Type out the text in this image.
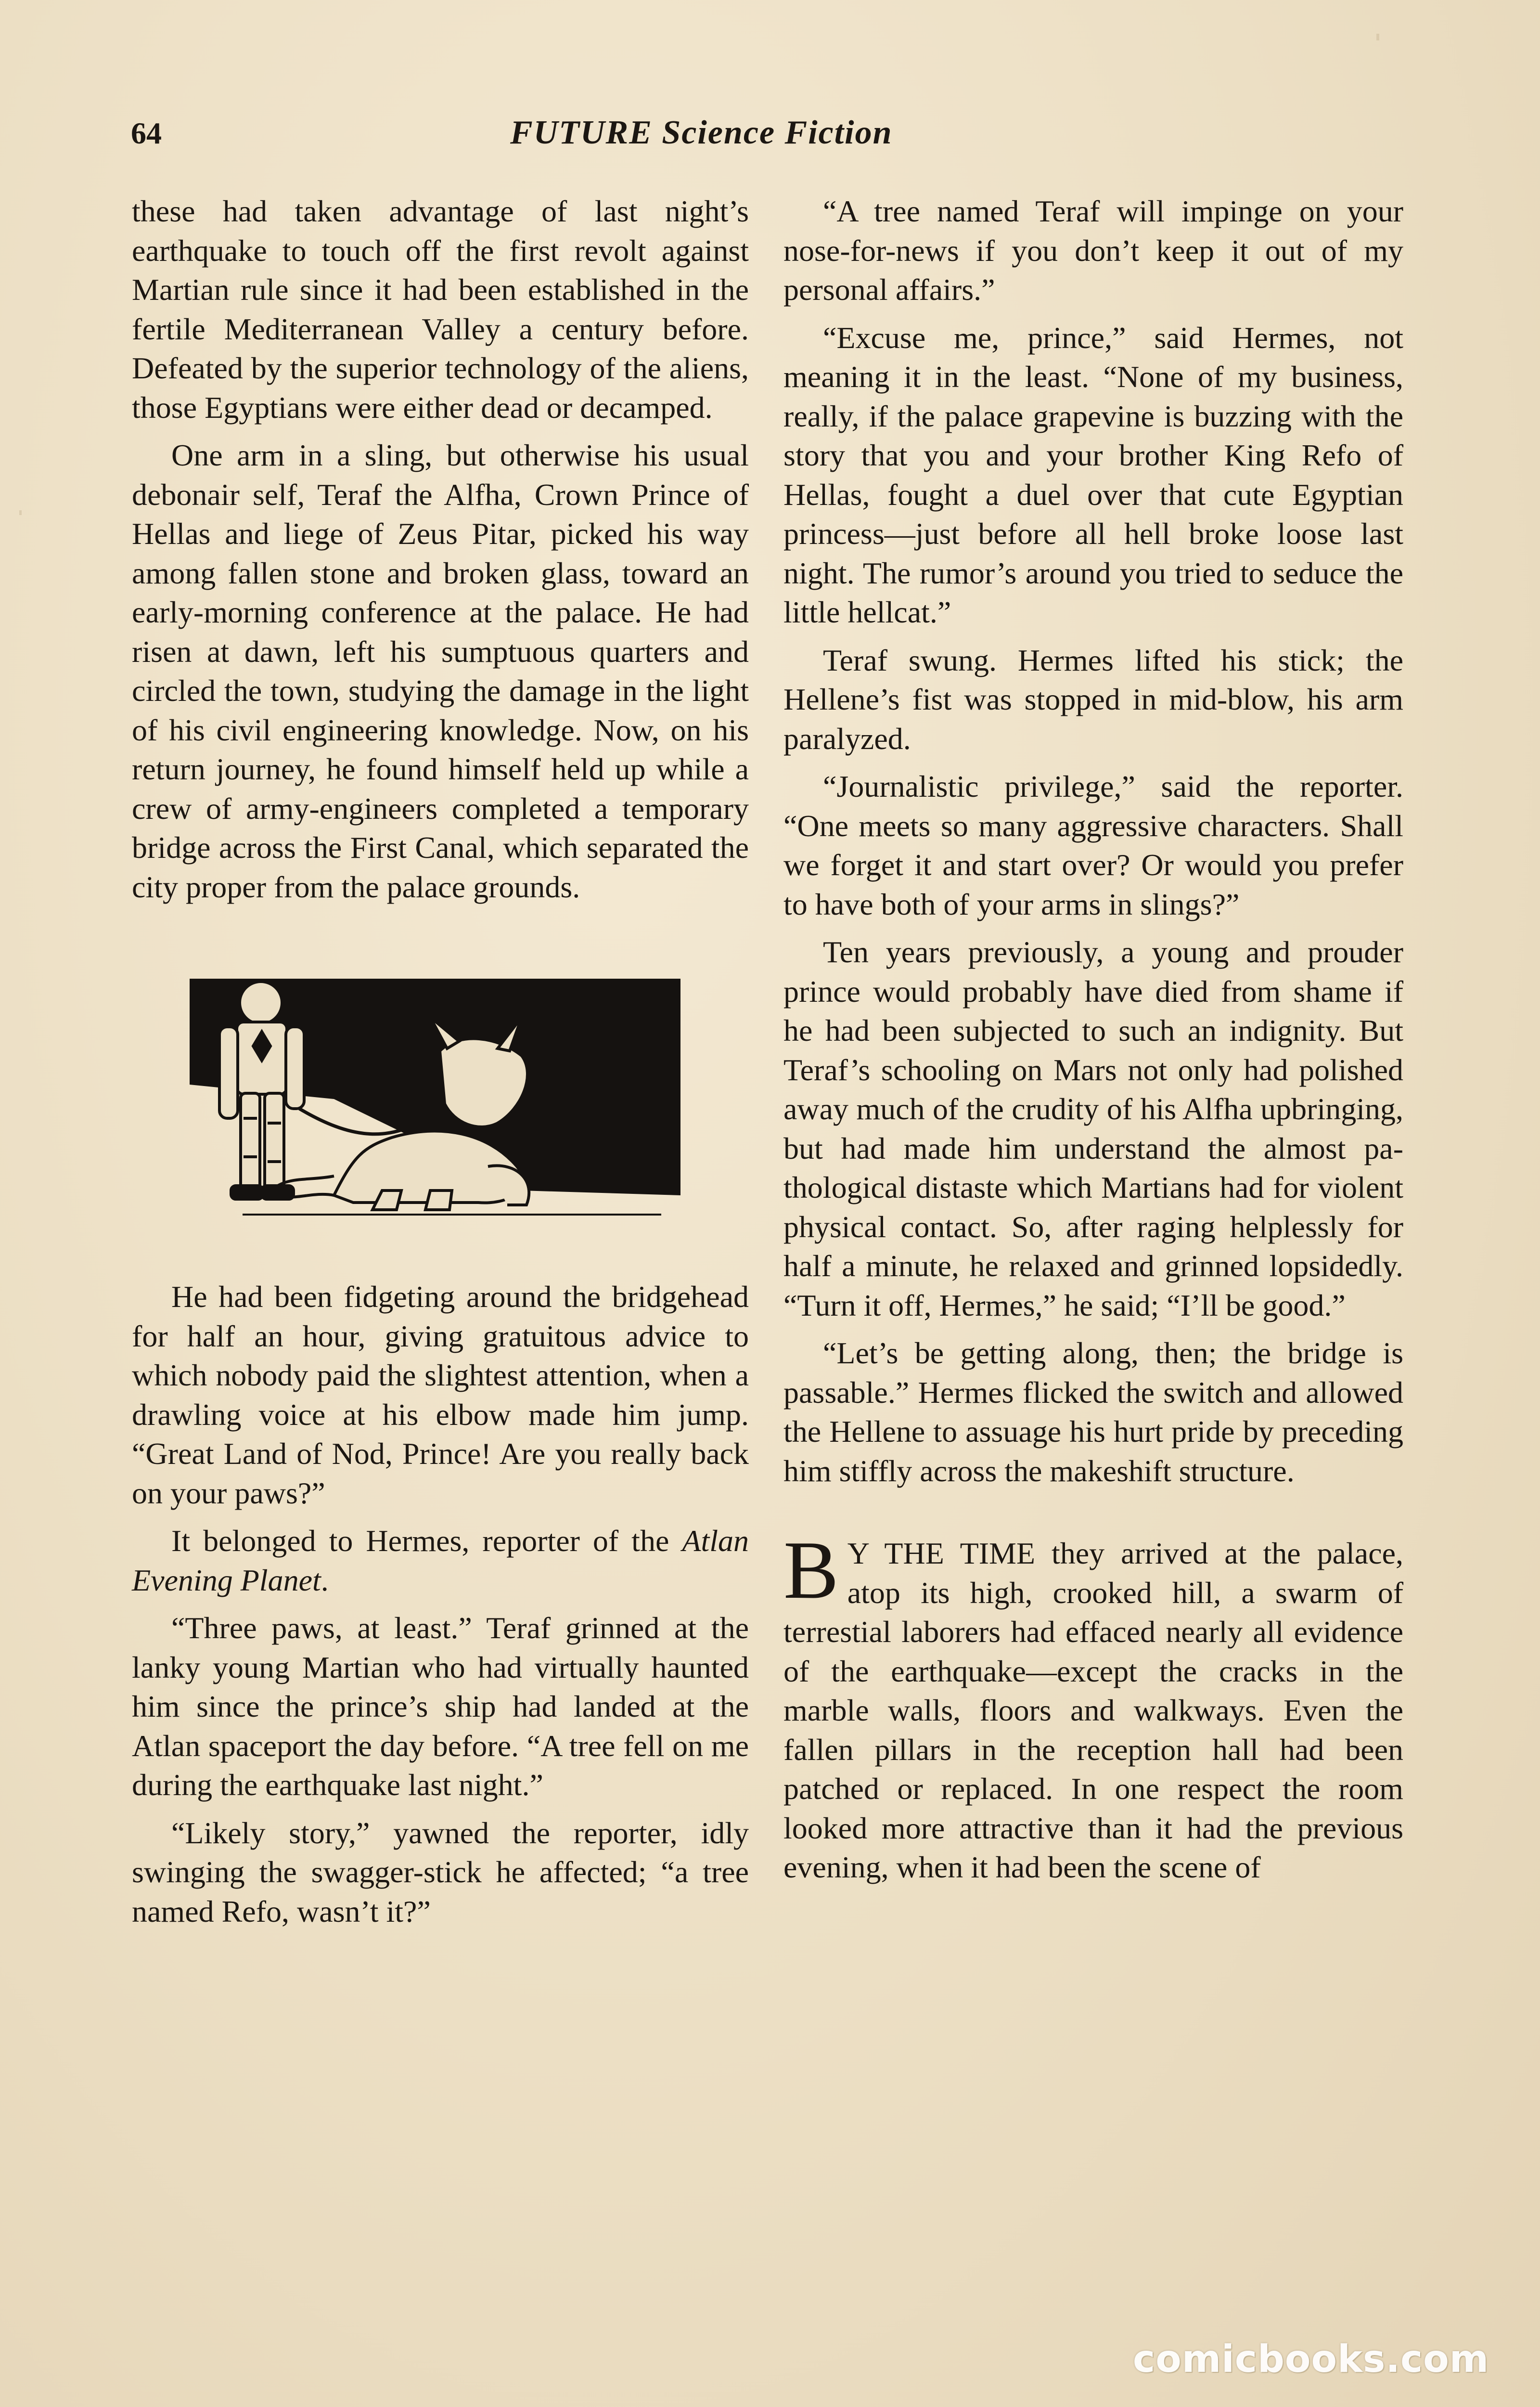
64	FUTURE Science Fiction

these had taken advantage of last night’s earthquake to touch off the first revolt against Martian rule since it had been established in the fertile Mediterranean Valley a century before. Defeated by the superior technology of the aliens, those Egyptians were either dead or decamped.

One arm in a sling, but otherwise his usual debonair self, Teraf the Alfha, Crown Prince of Hellas and liege of Zeus Pitar, picked his way among fallen stone and broken glass, toward an early-morning conference at the palace. He had risen at dawn, left his sumptuous quarters and circled the town, studying the damage in the light of his civil engineering knowledge. Now, on his return journey, he found himself held up while a crew of army-engineers completed a temporary bridge across the First Canal, which separated the city proper from the palace grounds.

He had been fidgeting around the bridgehead for half an hour, giving gratuitous advice to which nobody paid the slightest attention, when a drawling voice at his elbow made him jump. “Great Land of Nod, Prince! Are you really back on your paws?”

It belonged to Hermes, reporter of the Atlan Evening Planet.

“Three paws, at least.” Teraf grinned at the lanky young Martian who had virtually haunted him since the prince’s ship had landed at the Atlan spaceport the day before. “A tree fell on me during the earthquake last night.”

“Likely story,” yawned the reporter, idly swinging the swagger-stick he affected; “a tree named Refo, wasn’t it?”

“A tree named Teraf will impinge on your nose-for-news if you don’t keep it out of my personal affairs.”

“Excuse me, prince,” said Hermes, not meaning it in the least. “None of my business, really, if the palace grapevine is buzzing with the story that you and your brother King Refo of Hellas, fought a duel over that cute Egyptian princess—just before all hell broke loose last night. The rumor’s around you tried to seduce the little hellcat.”

Teraf swung. Hermes lifted his stick; the Hellene’s fist was stopped in mid-blow, his arm paralyzed.

“Journalistic privilege,” said the reporter. “One meets so many aggressive characters. Shall we forget it and start over? Or would you prefer to have both of your arms in slings?”

Ten years previously, a young and prouder prince would probably have died from shame if he had been subjected to such an indignity. But Teraf’s schooling on Mars not only had polished away much of the crudity of his Alfha upbringing, but had made him understand the almost pathological distaste which Martians had for violent physical contact. So, after raging helplessly for half a minute, he relaxed and grinned lopsidedly. “Turn it off, Hermes,” he said; “I’ll be good.”

“Let’s be getting along, then; the bridge is passable.” Hermes flicked the switch and allowed the Hellene to assuage his hurt pride by preceding him stiffly across the makeshift structure.

B Y THE TIME they arrived at the palace, atop its high, crooked hill, a swarm of terrestial laborers had effaced nearly all evidence of the earthquake—except the cracks in the marble walls, floors and walkways. Even the fallen pillars in the reception hall had been patched or replaced. In one respect the room looked more attractive than it had the previous evening, when it had been the scene of

comicbooks.com
